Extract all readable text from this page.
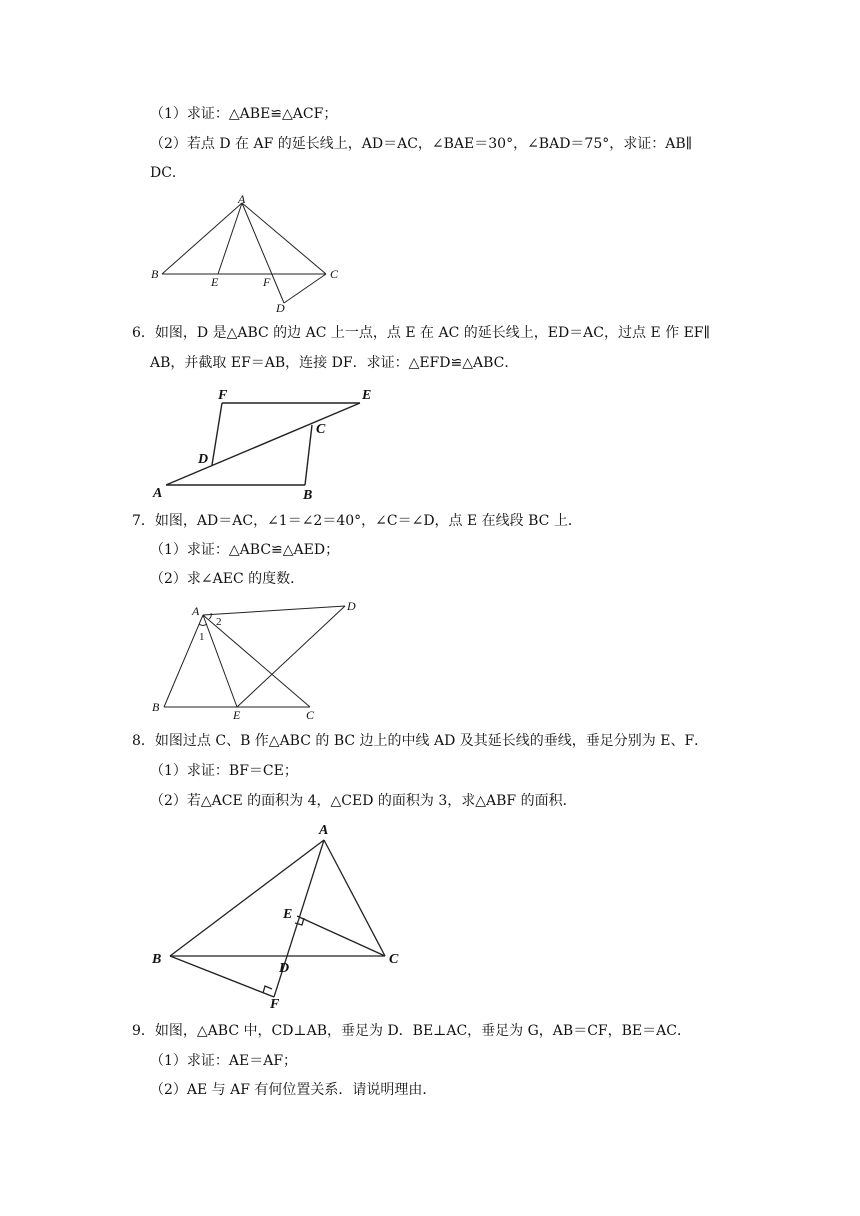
（1）求证：△ABE≌△ACF；
（2）若点 D 在 AF 的延长线上，AD＝AC，∠BAE＝30°，∠BAD＝75°，求证：AB∥
DC．
A
B	C
E	F
D
6．如图，D 是△ABC 的边 AC 上一点，点 E 在 AC 的延长线上，ED＝AC，过点 E 作 EF∥
AB，并截取 EF＝AB，连接 DF．求证：△EFD≌△ABC．
F	E
C
D
A	B
7．如图，AD＝AC，∠1＝∠2＝40°，∠C＝∠D，点 E 在线段 BC 上．
（1）求证：△ABC≌△AED；
（2）求∠AEC 的度数．
A
2
1
D
B
E	C
8．如图过点 C、B 作△ABC 的 BC 边上的中线 AD 及其延长线的垂线，垂足分别为 E、F．
（1）求证：BF＝CE；
（2）若△ACE 的面积为 4，△CED 的面积为 3，求△ABF 的面积．
A
E
B	C
D
F
9．如图，△ABC 中，CD⊥AB，垂足为 D．BE⊥AC，垂足为 G，AB＝CF，BE＝AC．
（1）求证：AE＝AF；
（2）AE 与 AF 有何位置关系．请说明理由．
